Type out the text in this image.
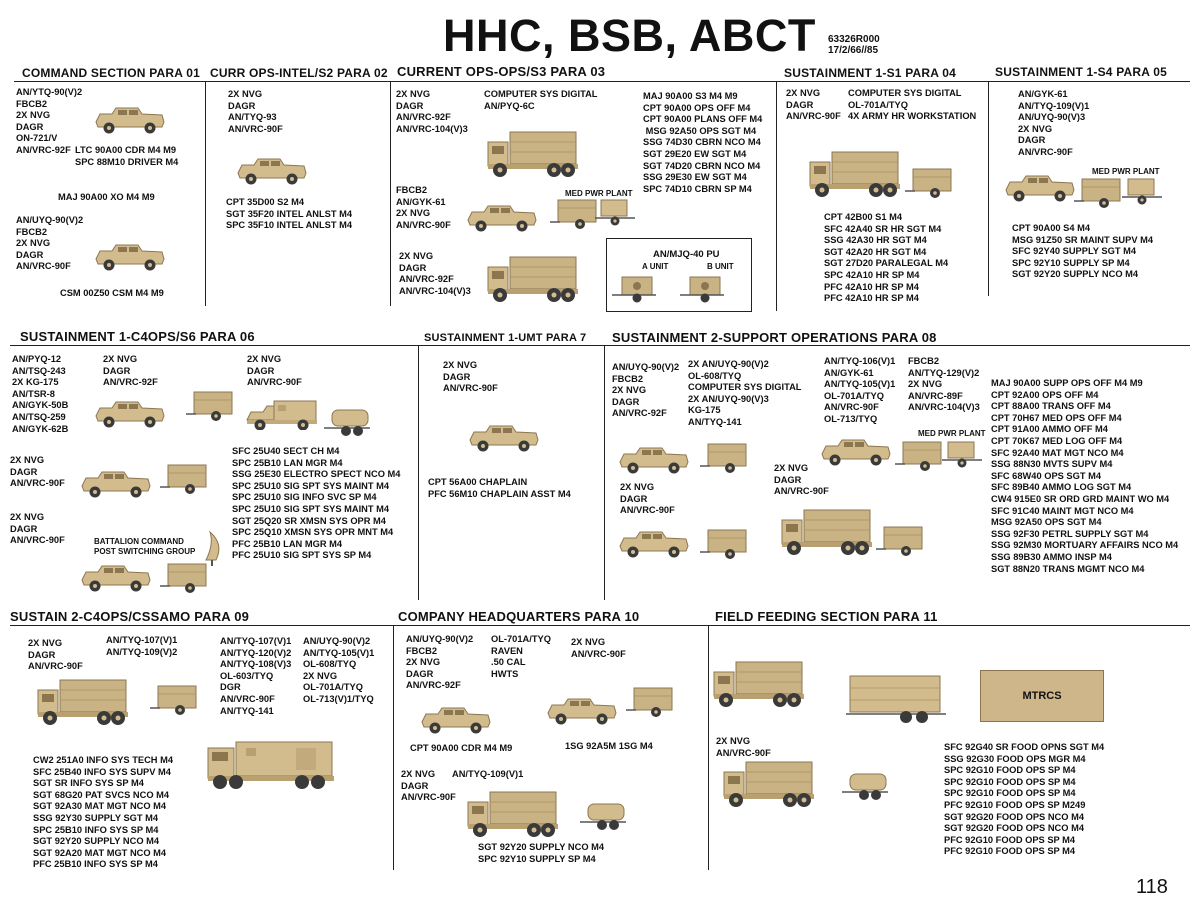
HHC, BSB, ABCT 63326R000
17/2/66//85
118
COMMAND SECTION PARA 01 CURR OPS-INTEL/S2 PARA 02 CURRENT OPS-OPS/S3 PARA 03	SUSTAINMENT 1-S1 PARA 04	SUSTAINMENT 1-S4 PARA 05
SUSTAINMENT 1-C4OPS/S6 PARA 06	SUSTAINMENT 1-UMT PARA 7 SUSTAINMENT 2-SUPPORT OPERATIONS PARA 08
SUSTAIN 2-C4OPS/CSSAMO PARA 09	COMPANY HEADQUARTERS PARA 10	FIELD FEEDING SECTION PARA 11
AN/YTQ-90(V)2
FBCB2
2X NVG
DAGR
ON-721/V
AN/VRC-92F LTC 90A00 CDR M4 M9
SPC 88M10 DRIVER M4
MAJ 90A00 XO M4 M9
AN/UYQ-90(V)2
FBCB2
2X NVG
DAGR
AN/VRC-90F
CSM 00Z50 CSM M4 M9
2X NVG
DAGR
AN/TYQ-93
AN/VRC-90F
CPT 35D00 S2 M4
SGT 35F20 INTEL ANLST M4
SPC 35F10 INTEL ANLST M4
2X NVG
DAGR
AN/VRC-92F
AN/VRC-104(V)3
COMPUTER SYS DIGITAL
AN/PYQ-6C
MAJ 90A00 S3 M4 M9
CPT 90A00 OPS OFF M4
CPT 90A00 PLANS OFF M4
MSG 92A50 OPS SGT M4
SSG 74D30 CBRN NCO M4
SGT 29E20 EW SGT M4
SGT 74D20 CBRN NCO M4
SSG 29E30 EW SGT M4
SPC 74D10 CBRN SP M4
FBCB2
AN/GYK-61
2X NVG
AN/VRC-90F
MED PWR PLANT
2X NVG
DAGR
AN/VRC-92F
AN/VRC-104(V)3
AN/MJQ-40 PU
A UNIT	B UNIT
2X NVG
DAGR
AN/VRC-90F
COMPUTER SYS DIGITAL
OL-701A/TYQ
4X ARMY HR WORKSTATION
CPT 42B00 S1 M4
SFC 42A40 SR HR SGT M4
SSG 42A30 HR SGT M4
SGT 42A20 HR SGT M4
SGT 27D20 PARALEGAL M4
SPC 42A10 HR SP M4
PFC 42A10 HR SP M4
PFC 42A10 HR SP M4
AN/GYK-61
AN/TYQ-109(V)1
AN/UYQ-90(V)3
2X NVG
DAGR
AN/VRC-90F
MED PWR PLANT
CPT 90A00 S4 M4
MSG 91Z50 SR MAINT SUPV M4
SFC 92Y40 SUPPLY SGT M4
SPC 92Y10 SUPPLY SP M4
SGT 92Y20 SUPPLY NCO M4
AN/PYQ-12
AN/TSQ-243
2X KG-175
AN/TSR-8
AN/GYK-50B
AN/TSQ-259
AN/GYK-62B
2X NVG
DAGR
AN/VRC-92F
2X NVG
DAGR
AN/VRC-90F
2X NVG
DAGR
AN/VRC-90F
SFC 25U40 SECT CH M4
SPC 25B10 LAN MGR M4
SSG 25E30 ELECTRO SPECT NCO M4
SPC 25U10 SIG SPT SYS MAINT M4
SPC 25U10 SIG INFO SVC SP M4
SPC 25U10 SIG SPT SYS MAINT M4
SGT 25Q20 SR XMSN SYS OPR M4
SPC 25Q10 XMSN SYS OPR MNT M4
PFC 25B10 LAN MGR M4
PFC 25U10 SIG SPT SYS SP M4
2X NVG
DAGR
AN/VRC-90F	BATTALION COMMAND
POST SWITCHING GROUP
2X NVG
DAGR
AN/VRC-90F
CPT 56A00 CHAPLAIN
PFC 56M10 CHAPLAIN ASST M4
AN/UYQ-90(V)2
FBCB2
2X NVG
DAGR
AN/VRC-92F
2X AN/UYQ-90(V)2
OL-608/TYQ
COMPUTER SYS DIGITAL
2X AN/UYQ-90(V)3
KG-175
AN/TYQ-141
AN/TYQ-106(V)1
AN/GYK-61
AN/TYQ-105(V)1
OL-701A/TYQ
AN/VRC-90F
OL-713/TYQ
FBCB2
AN/TYQ-129(V)2
2X NVG
AN/VRC-89F
AN/VRC-104(V)3
MAJ 90A00 SUPP OPS OFF M4 M9
CPT 92A00 OPS OFF M4
CPT 88A00 TRANS OFF M4
CPT 70H67 MED OPS OFF M4
CPT 91A00 AMMO OFF M4
CPT 70K67 MED LOG OFF M4
SFC 92A40 MAT MGT NCO M4
SSG 88N30 MVTS SUPV M4
SFC 68W40 OPS SGT M4
SFC 89B40 AMMO LOG SGT M4
CW4 915E0 SR ORD GRD MAINT WO M4
SFC 91C40 MAINT MGT NCO M4
MSG 92A50 OPS SGT M4
SSG 92F30 PETRL SUPPLY SGT M4
SSG 92M30 MORTUARY AFFAIRS NCO M4
SSG 89B30 AMMO INSP M4
SGT 88N20 TRANS MGMT NCO M4
MED PWR PLANT
2X NVG
DAGR
AN/VRC-90F
2X NVG
DAGR
AN/VRC-90F
2X NVG
DAGR
AN/VRC-90F
AN/TYQ-107(V)1
AN/TYQ-109(V)2
AN/TYQ-107(V)1
AN/TYQ-120(V)2
AN/TYQ-108(V)3
OL-603/TYQ
DGR
AN/VRC-90F
AN/TYQ-141
AN/UYQ-90(V)2
AN/TYQ-105(V)1
OL-608/TYQ
2X NVG
OL-701A/TYQ
OL-713(V)1/TYQ
CW2 251A0 INFO SYS TECH M4
SFC 25B40 INFO SYS SUPV M4
SGT SR INFO SYS SP M4
SGT 68G20 PAT SVCS NCO M4
SGT 92A30 MAT MGT NCO M4
SSG 92Y30 SUPPLY SGT M4
SPC 25B10 INFO SYS SP M4
SGT 92Y20 SUPPLY NCO M4
SGT 92A20 MAT MGT NCO M4
PFC 25B10 INFO SYS SP M4
AN/UYQ-90(V)2
FBCB2
2X NVG
DAGR
AN/VRC-92F
OL-701A/TYQ
RAVEN
.50 CAL
HWTS
2X NVG
AN/VRC-90F
CPT 90A00 CDR M4 M9	1SG 92A5M 1SG M4
2X NVG
DAGR
AN/VRC-90F
AN/TYQ-109(V)1
SGT 92Y20 SUPPLY NCO M4
SPC 92Y10 SUPPLY SP M4
MTRCS
2X NVG
AN/VRC-90F
SFC 92G40 SR FOOD OPNS SGT M4
SSG 92G30 FOOD OPS MGR M4
SPC 92G10 FOOD OPS SP M4
SPC 92G10 FOOD OPS SP M4
SPC 92G10 FOOD OPS SP M4
PFC 92G10 FOOD OPS SP M249
SGT 92G20 FOOD OPS NCO M4
SGT 92G20 FOOD OPS NCO M4
PFC 92G10 FOOD OPS SP M4
PFC 92G10 FOOD OPS SP M4
